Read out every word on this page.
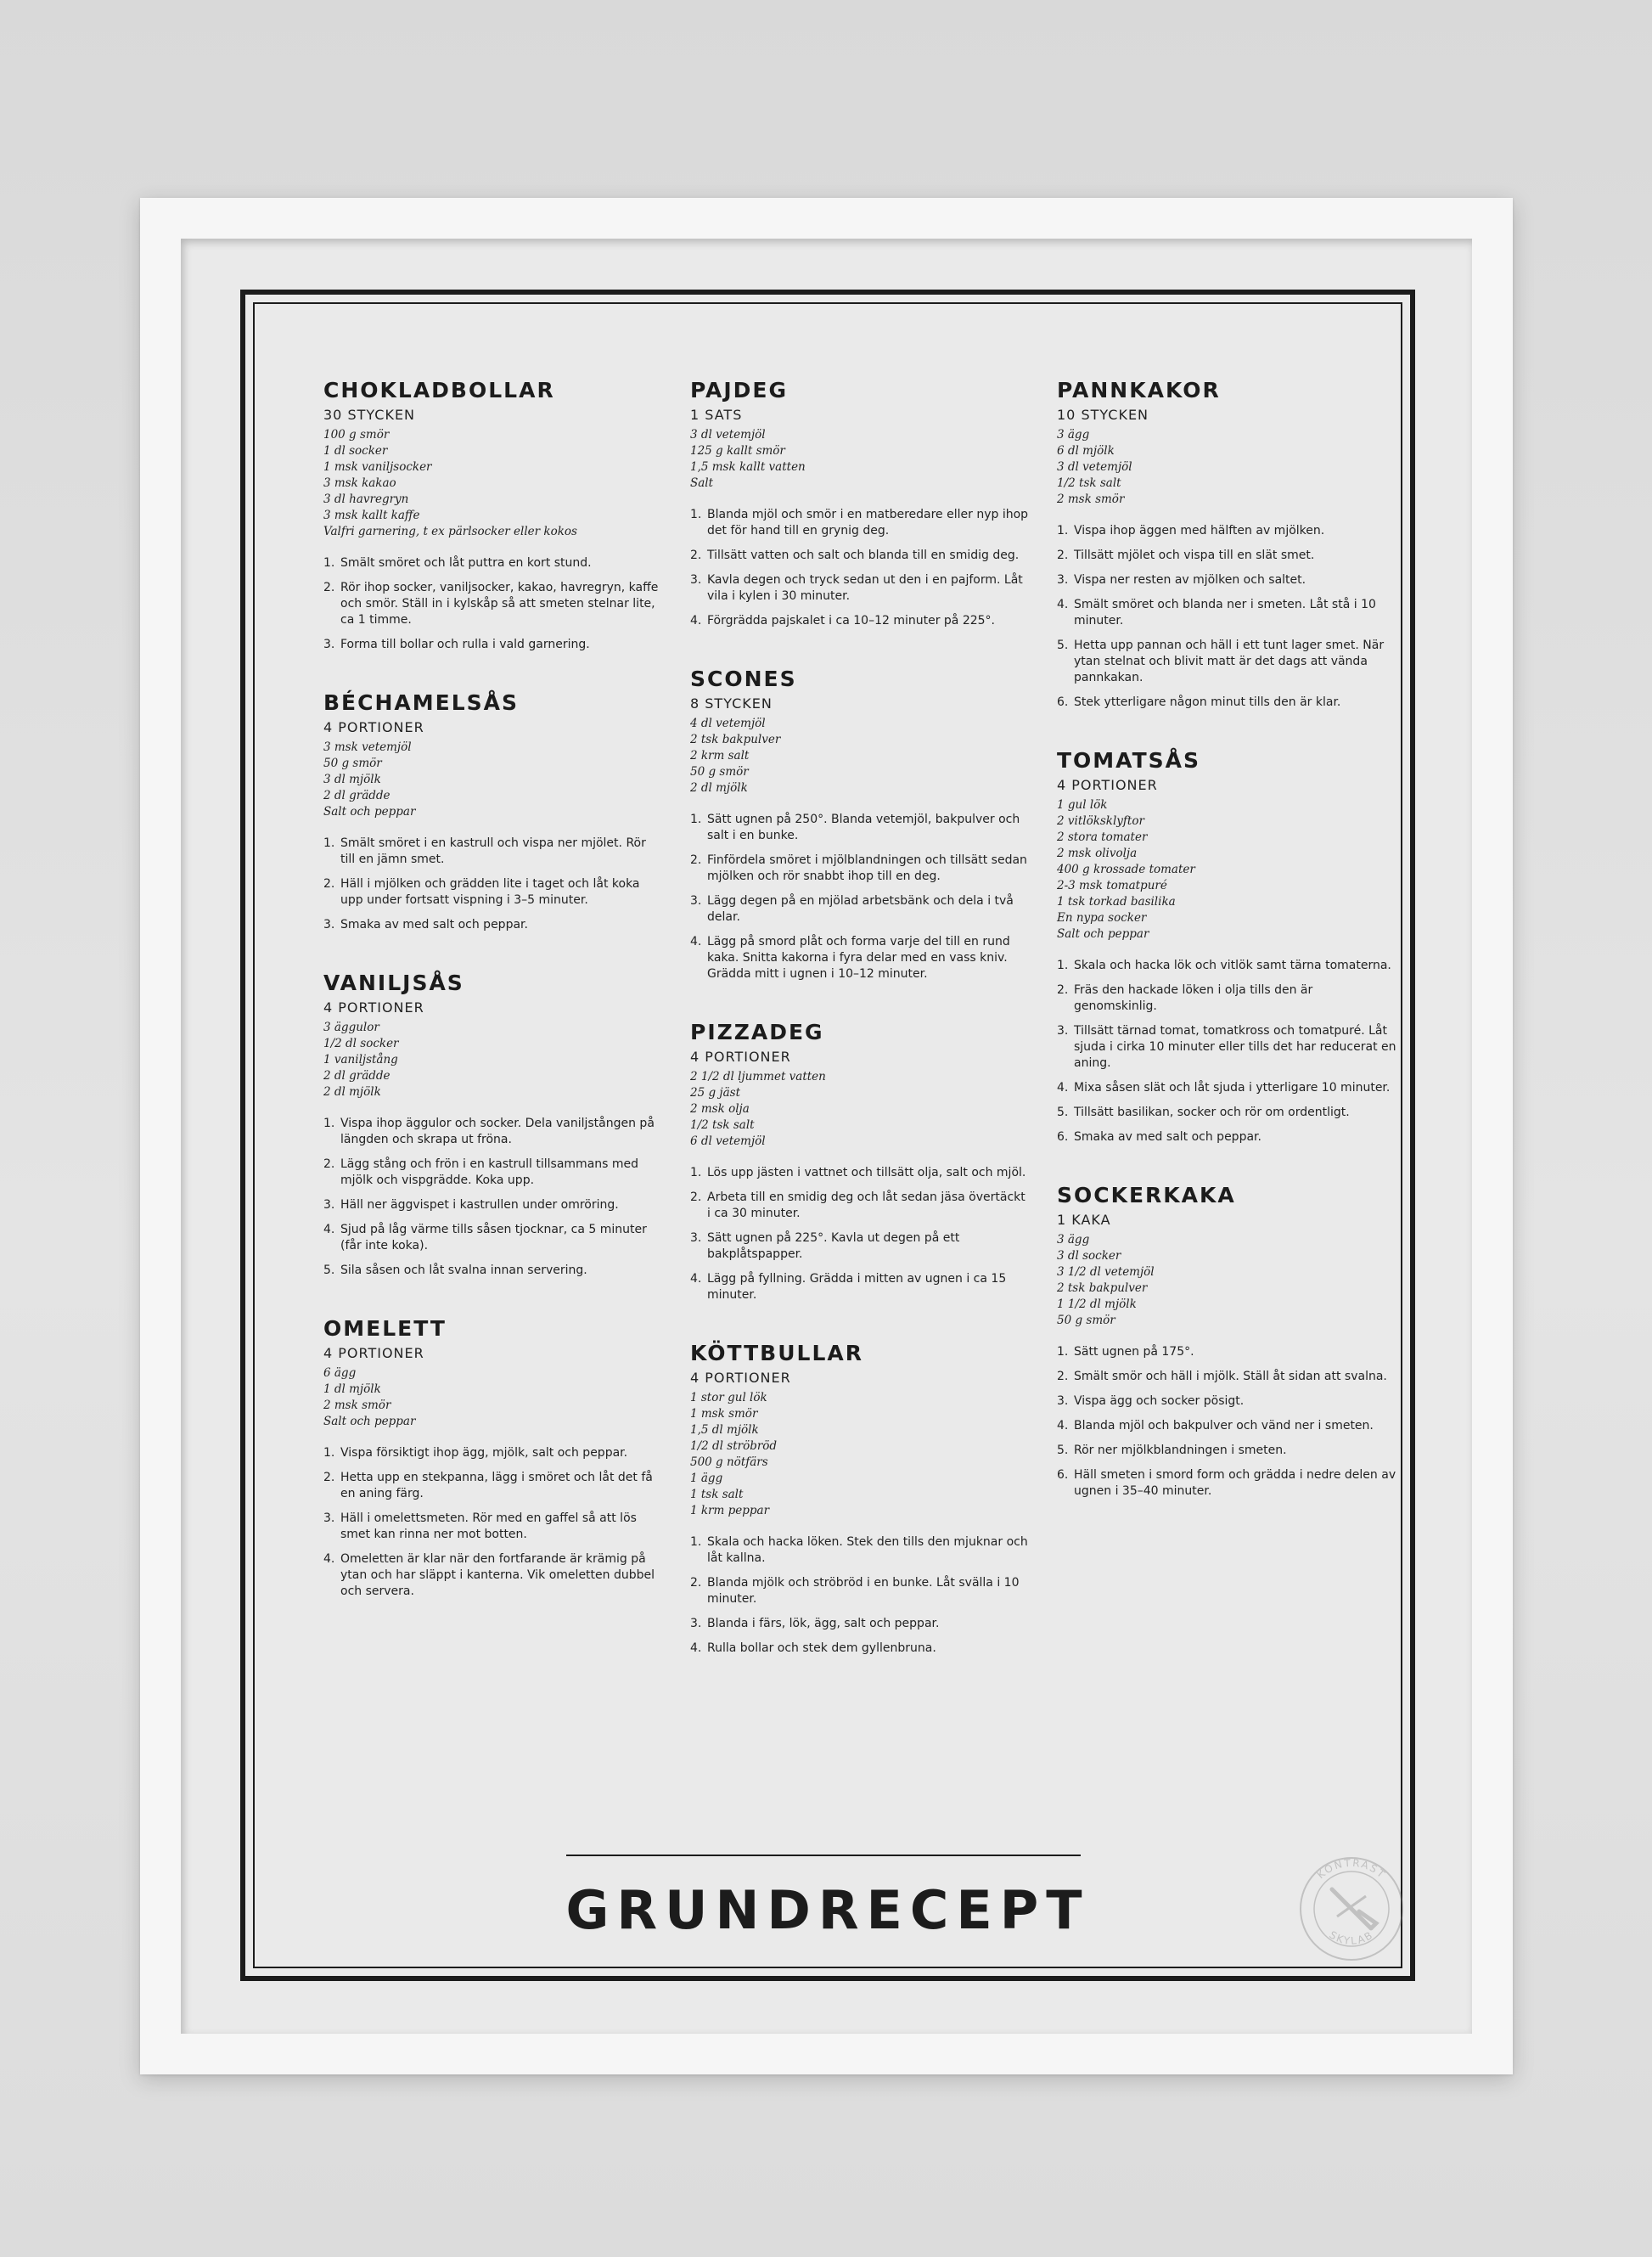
CHOKLADBOLLAR
30 STYCKEN
100 g smör
1 dl socker
1 msk vaniljsocker
3 msk kakao
3 dl havregryn
3 msk kallt kaffe
Valfri garnering, t ex pärlsocker eller kokos
1. Smält smöret och låt puttra en kort stund.
2. Rör ihop socker, vaniljsocker, kakao, havregryn, kaffe och smör. Ställ in i kylskåp så att smeten stelnar lite, ca 1 timme.
3. Forma till bollar och rulla i vald garnering.
BÉCHAMELSÅS
4 PORTIONER
3 msk vetemjöl
50 g smör
3 dl mjölk
2 dl grädde
Salt och peppar
1. Smält smöret i en kastrull och vispa ner mjölet. Rör till en jämn smet.
2. Häll i mjölken och grädden lite i taget och låt koka upp under fortsatt vispning i 3–5 minuter.
3. Smaka av med salt och peppar.
VANILJSÅS
4 PORTIONER
3 äggulor
1/2 dl socker
1 vaniljstång
2 dl grädde
2 dl mjölk
1. Vispa ihop äggulor och socker. Dela vaniljstången på längden och skrapa ut fröna.
2. Lägg stång och frön i en kastrull tillsammans med mjölk och vispgrädde. Koka upp.
3. Häll ner äggvispet i kastrullen under omröring.
4. Sjud på låg värme tills såsen tjocknar, ca 5 minuter (får inte koka).
5. Sila såsen och låt svalna innan servering.
OMELETT
4 PORTIONER
6 ägg
1 dl mjölk
2 msk smör
Salt och peppar
1. Vispa försiktigt ihop ägg, mjölk, salt och peppar.
2. Hetta upp en stekpanna, lägg i smöret och låt det få en aning färg.
3. Häll i omelettsmeten. Rör med en gaffel så att lös smet kan rinna ner mot botten.
4. Omeletten är klar när den fortfarande är krämig på ytan och har släppt i kanterna. Vik omeletten dubbel och servera.
PAJDEG
1 SATS
3 dl vetemjöl
125 g kallt smör
1,5 msk kallt vatten
Salt
1. Blanda mjöl och smör i en matberedare eller nyp ihop det för hand till en grynig deg.
2. Tillsätt vatten och salt och blanda till en smidig deg.
3. Kavla degen och tryck sedan ut den i en pajform. Låt vila i kylen i 30 minuter.
4. Förgrädda pajskalet i ca 10–12 minuter på 225°.
SCONES
8 STYCKEN
4 dl vetemjöl
2 tsk bakpulver
2 krm salt
50 g smör
2 dl mjölk
1. Sätt ugnen på 250°. Blanda vetemjöl, bakpulver och salt i en bunke.
2. Finfördela smöret i mjölblandningen och tillsätt sedan mjölken och rör snabbt ihop till en deg.
3. Lägg degen på en mjölad arbetsbänk och dela i två delar.
4. Lägg på smord plåt och forma varje del till en rund kaka. Snitta kakorna i fyra delar med en vass kniv. Grädda mitt i ugnen i 10–12 minuter.
PIZZADEG
4 PORTIONER
2 1/2 dl ljummet vatten
25 g jäst
2 msk olja
1/2 tsk salt
6 dl vetemjöl
1. Lös upp jästen i vattnet och tillsätt olja, salt och mjöl.
2. Arbeta till en smidig deg och låt sedan jäsa övertäckt i ca 30 minuter.
3. Sätt ugnen på 225°. Kavla ut degen på ett bakplåtspapper.
4. Lägg på fyllning. Grädda i mitten av ugnen i ca 15 minuter.
KÖTTBULLAR
4 PORTIONER
1 stor gul lök
1 msk smör
1,5 dl mjölk
1/2 dl ströbröd
500 g nötfärs
1 ägg
1 tsk salt
1 krm peppar
1. Skala och hacka löken. Stek den tills den mjuknar och låt kallna.
2. Blanda mjölk och ströbröd i en bunke. Låt svälla i 10 minuter.
3. Blanda i färs, lök, ägg, salt och peppar.
4. Rulla bollar och stek dem gyllenbruna.
PANNKAKOR
10 STYCKEN
3 ägg
6 dl mjölk
3 dl vetemjöl
1/2 tsk salt
2 msk smör
1. Vispa ihop äggen med hälften av mjölken.
2. Tillsätt mjölet och vispa till en slät smet.
3. Vispa ner resten av mjölken och saltet.
4. Smält smöret och blanda ner i smeten. Låt stå i 10 minuter.
5. Hetta upp pannan och häll i ett tunt lager smet. När ytan stelnat och blivit matt är det dags att vända pannkakan.
6. Stek ytterligare någon minut tills den är klar.
TOMATSÅS
4 PORTIONER
1 gul lök
2 vitlöksklyftor
2 stora tomater
2 msk olivolja
400 g krossade tomater
2-3 msk tomatpuré
1 tsk torkad basilika
En nypa socker
Salt och peppar
1. Skala och hacka lök och vitlök samt tärna tomaterna.
2. Fräs den hackade löken i olja tills den är genomskinlig.
3. Tillsätt tärnad tomat, tomatkross och tomatpuré. Låt sjuda i cirka 10 minuter eller tills det har reducerat en aning.
4. Mixa såsen slät och låt sjuda i ytterligare 10 minuter.
5. Tillsätt basilikan, socker och rör om ordentligt.
6. Smaka av med salt och peppar.
SOCKERKAKA
1 KAKA
3 ägg
3 dl socker
3 1/2 dl vetemjöl
2 tsk bakpulver
1 1/2 dl mjölk
50 g smör
1. Sätt ugnen på 175°.
2. Smält smör och häll i mjölk. Ställ åt sidan att svalna.
3. Vispa ägg och socker pösigt.
4. Blanda mjöl och bakpulver och vänd ner i smeten.
5. Rör ner mjölkblandningen i smeten.
6. Häll smeten i smord form och grädda i nedre delen av ugnen i 35–40 minuter.
GRUNDRECEPT
KONTRAST
SKYLAB
